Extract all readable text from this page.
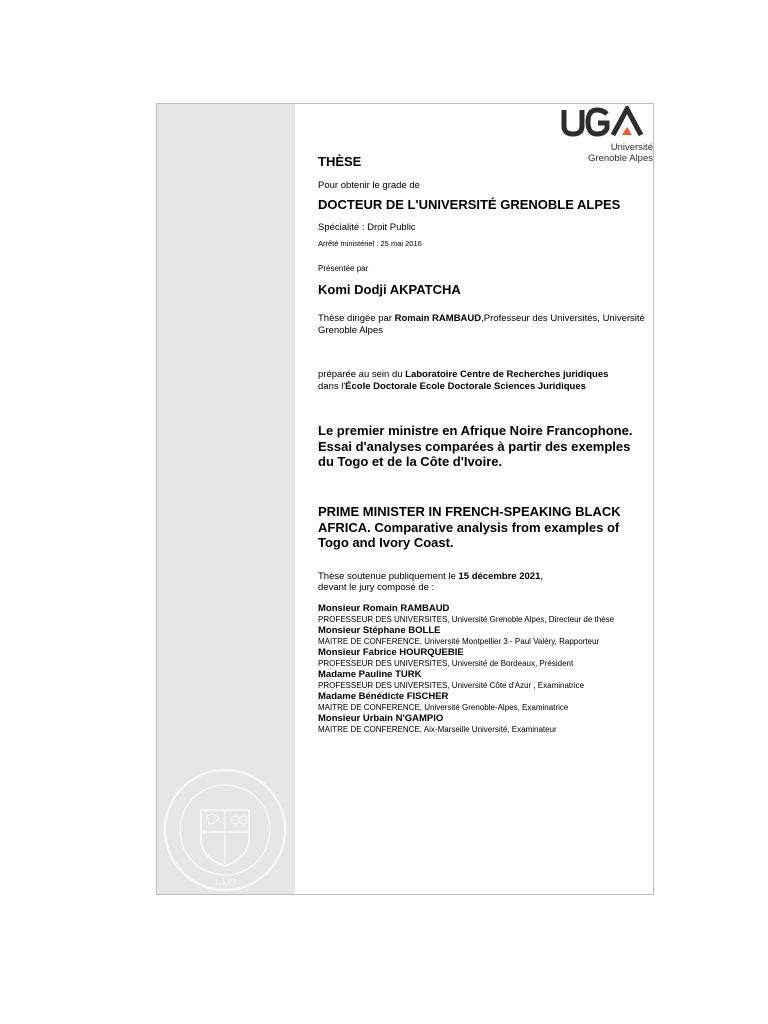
1339
Université
Grenoble Alpes
THÈSE
Pour obtenir le grade de
DOCTEUR DE L'UNIVERSITÉ GRENOBLE ALPES
Spécialité : Droit Public
Arrêté ministériel : 25 mai 2016
Présentée par
Komi Dodji AKPATCHA
Thèse dirigée par Romain RAMBAUD,Professeur des Universités, Université Grenoble Alpes
préparée au sein du Laboratoire Centre de Recherches juridiques
dans l'École Doctorale Ecole Doctorale Sciences Juridiques
Le premier ministre en Afrique Noire Francophone. Essai d'analyses comparées à partir des exemples du Togo et de la Côte d'Ivoire.
PRIME MINISTER IN FRENCH-SPEAKING BLACK AFRICA. Comparative analysis from examples of Togo and Ivory Coast.
Thèse soutenue publiquement le 15 décembre 2021,
devant le jury composé de :
Monsieur Romain RAMBAUD
PROFESSEUR DES UNIVERSITES, Université Grenoble Alpes, Directeur de thèse
Monsieur Stéphane BOLLE
MAITRE DE CONFERENCE, Université Montpellier 3 - Paul Valéry, Rapporteur
Monsieur Fabrice HOURQUEBIE
PROFESSEUR DES UNIVERSITES, Université de Bordeaux, Président
Madame Pauline TURK
PROFESSEUR DES UNIVERSITES, Université Côte d'Azur , Examinatrice
Madame Bénédicte FISCHER
MAITRE DE CONFERENCE, Université Grenoble-Alpes, Examinatrice
Monsieur Urbain N'GAMPIO
MAITRE DE CONFERENCE, Aix-Marseille Université, Examinateur
